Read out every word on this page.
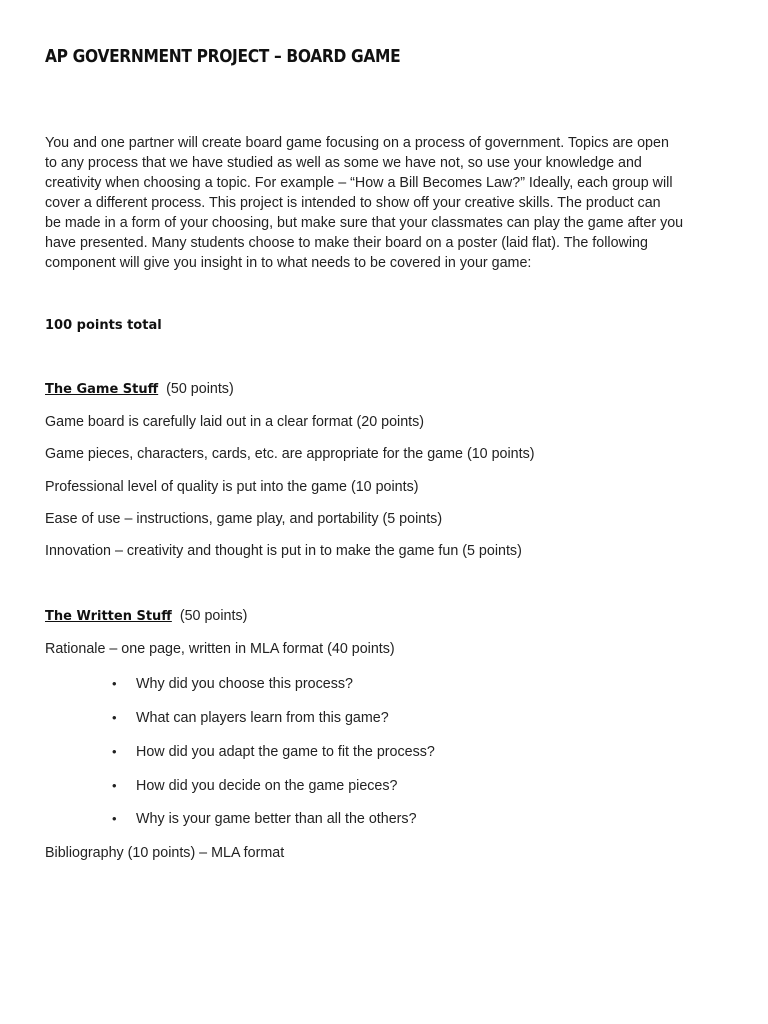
AP GOVERNMENT PROJECT – BOARD GAME
You and one partner will create board game focusing on a process of government. Topics are open
to any process that we have studied as well as some we have not, so use your knowledge and
creativity when choosing a topic. For example – “How a Bill Becomes Law?” Ideally, each group will
cover a different process. This project is intended to show off your creative skills. The product can
be made in a form of your choosing, but make sure that your classmates can play the game after you
have presented. Many students choose to make their board on a poster (laid flat). The following
component will give you insight in to what needs to be covered in your game:

100 points total

The Game Stuff (50 points)

Game board is carefully laid out in a clear format (20 points)

Game pieces, characters, cards, etc. are appropriate for the game (10 points)

Professional level of quality is put into the game (10 points)

Ease of use – instructions, game play, and portability (5 points)

Innovation – creativity and thought is put in to make the game fun (5 points)

The Written Stuff (50 points)

Rationale – one page, written in MLA format (40 points)

• Why did you choose this process?

• What can players learn from this game?

• How did you adapt the game to fit the process?

• How did you decide on the game pieces?

• Why is your game better than all the others?

Bibliography (10 points) – MLA format
